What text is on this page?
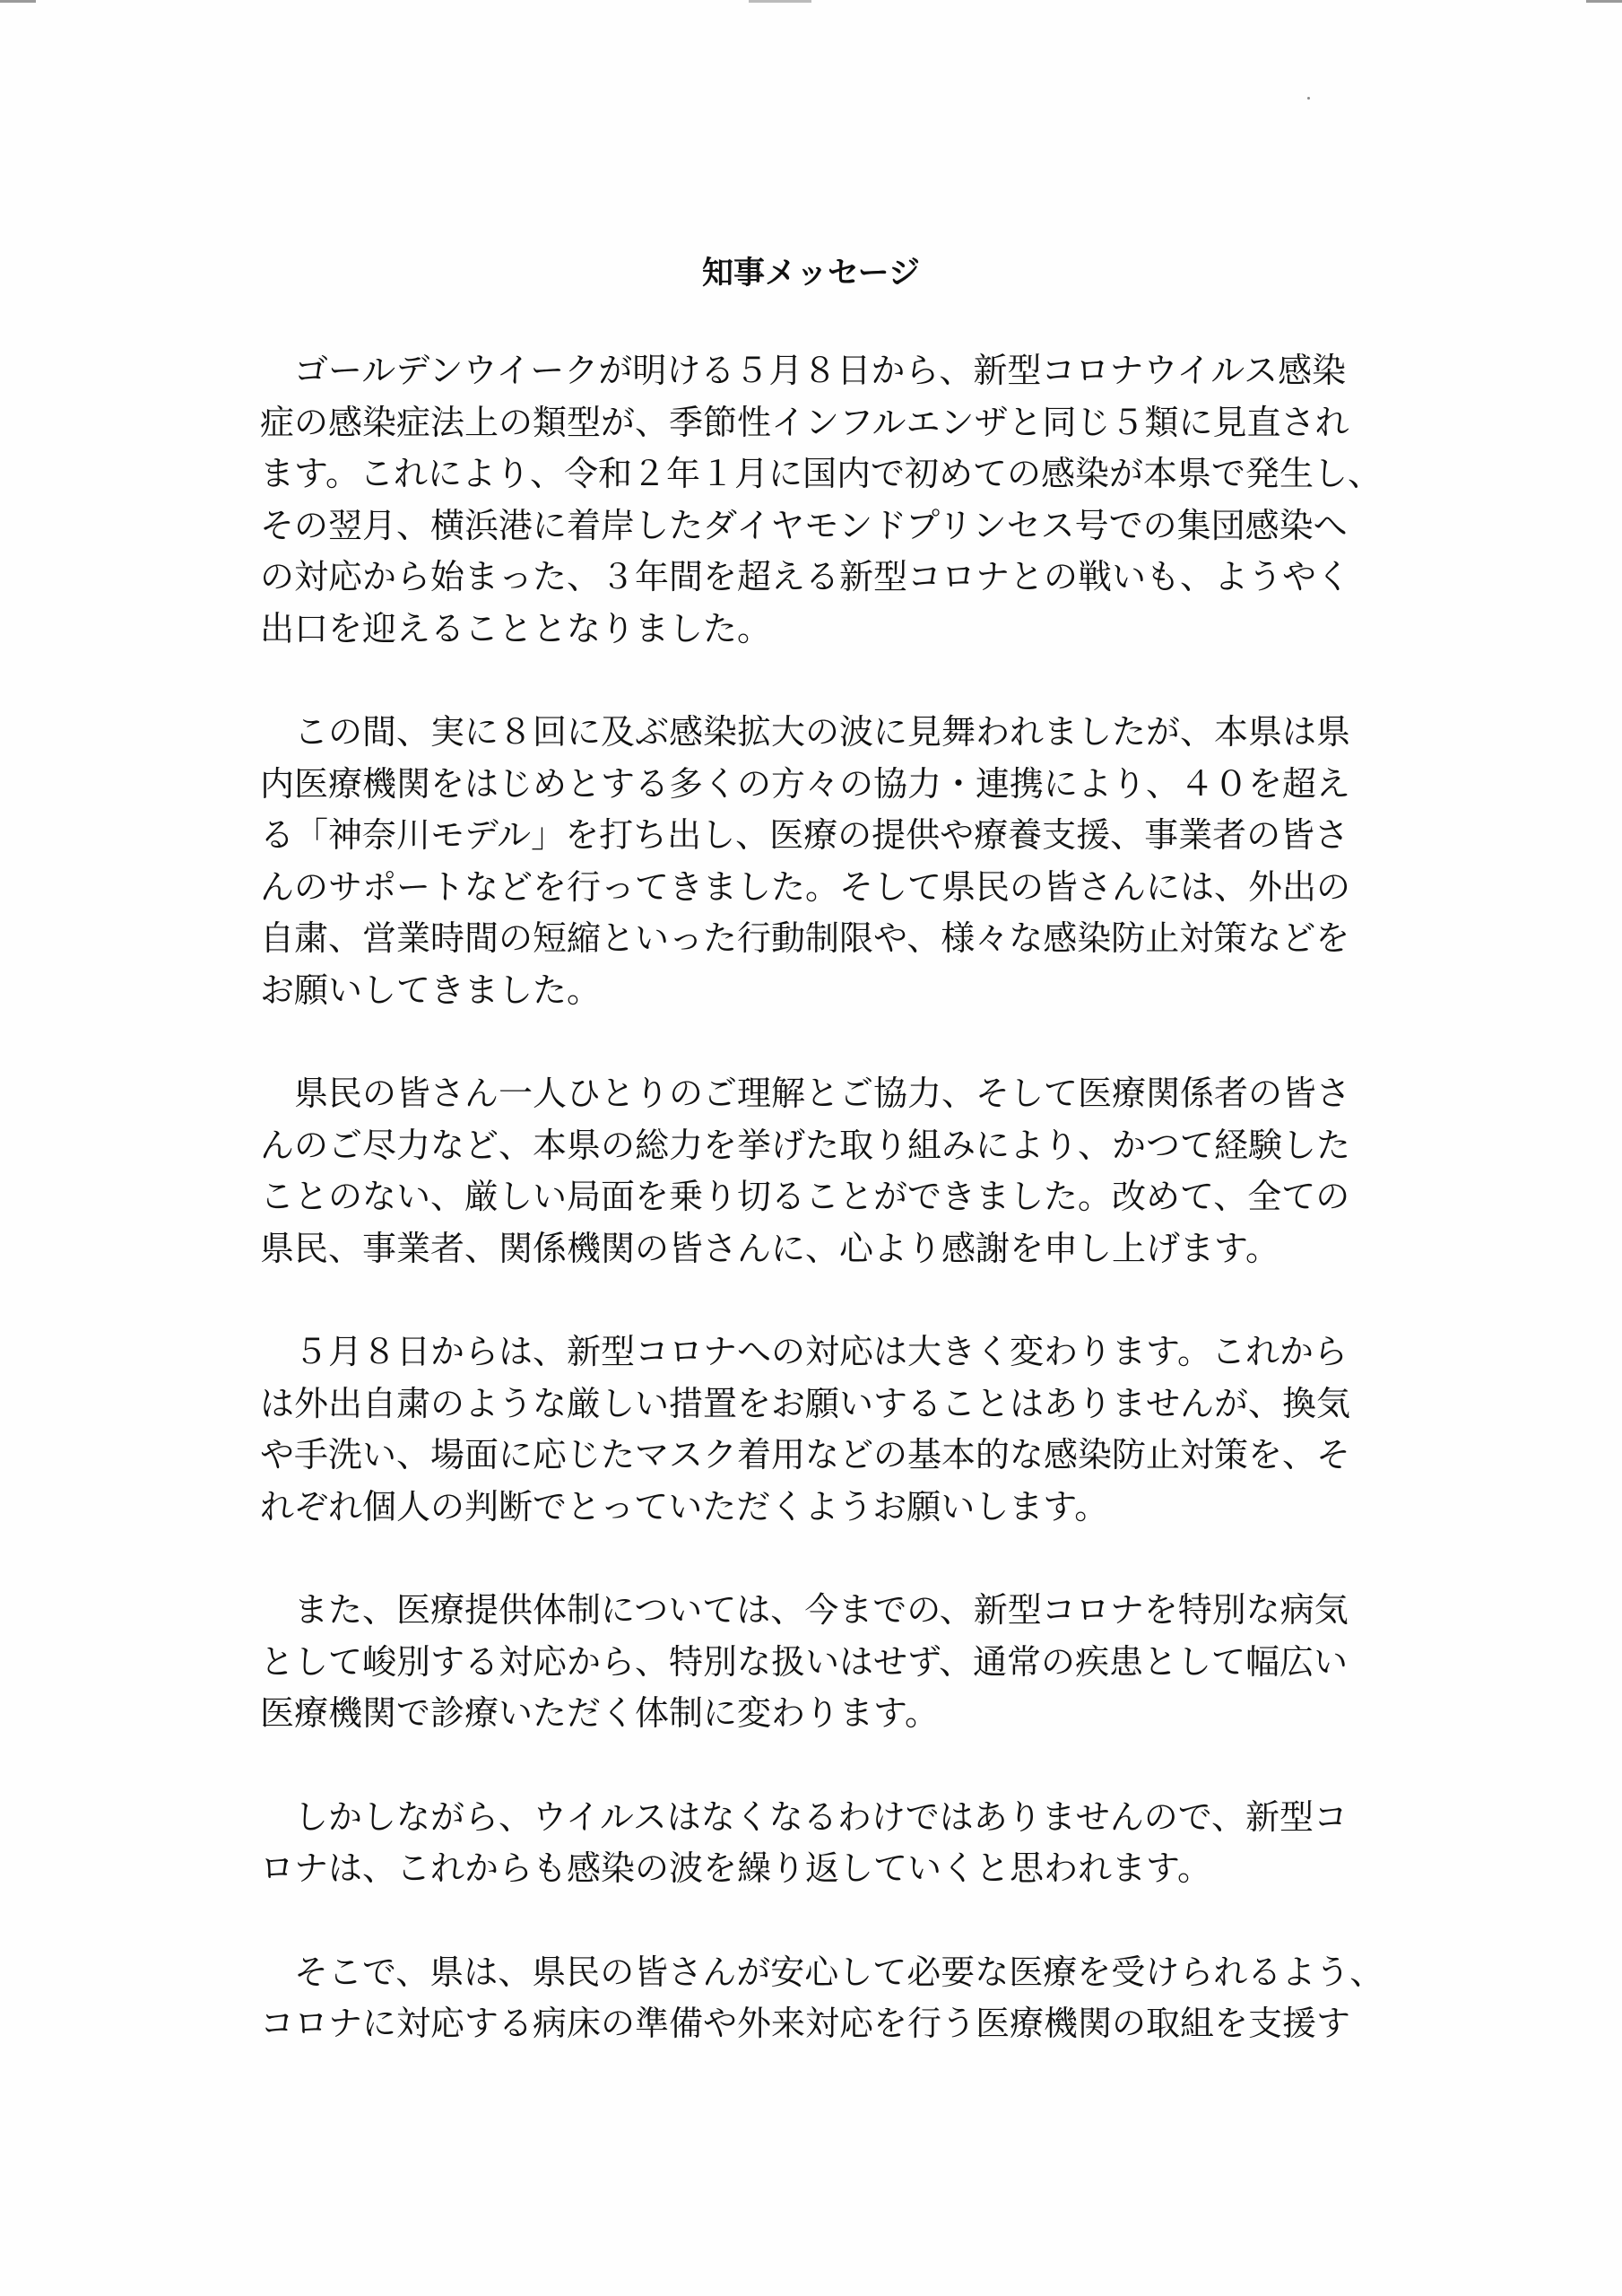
知事メッセージ

　ゴールデンウイークが明ける５月８日から、新型コロナウイルス感染
症の感染症法上の類型が、季節性インフルエンザと同じ５類に見直され
ます。これにより、令和２年１月に国内で初めての感染が本県で発生し、
その翌月、横浜港に着岸したダイヤモンドプリンセス号での集団感染へ
の対応から始まった、３年間を超える新型コロナとの戦いも、ようやく
出口を迎えることとなりました。

　この間、実に８回に及ぶ感染拡大の波に見舞われましたが、本県は県
内医療機関をはじめとする多くの方々の協力・連携により、４０を超え
る「神奈川モデル」を打ち出し、医療の提供や療養支援、事業者の皆さ
んのサポートなどを行ってきました。そして県民の皆さんには、外出の
自粛、営業時間の短縮といった行動制限や、様々な感染防止対策などを
お願いしてきました。

　県民の皆さん一人ひとりのご理解とご協力、そして医療関係者の皆さ
んのご尽力など、本県の総力を挙げた取り組みにより、かつて経験した
ことのない、厳しい局面を乗り切ることができました。改めて、全ての
県民、事業者、関係機関の皆さんに、心より感謝を申し上げます。

　５月８日からは、新型コロナへの対応は大きく変わります。これから
は外出自粛のような厳しい措置をお願いすることはありませんが、換気
や手洗い、場面に応じたマスク着用などの基本的な感染防止対策を、そ
れぞれ個人の判断でとっていただくようお願いします。

　また、医療提供体制については、今までの、新型コロナを特別な病気
として峻別する対応から、特別な扱いはせず、通常の疾患として幅広い
医療機関で診療いただく体制に変わります。

　しかしながら、ウイルスはなくなるわけではありませんので、新型コ
ロナは、これからも感染の波を繰り返していくと思われます。

　そこで、県は、県民の皆さんが安心して必要な医療を受けられるよう、
コロナに対応する病床の準備や外来対応を行う医療機関の取組を支援す
